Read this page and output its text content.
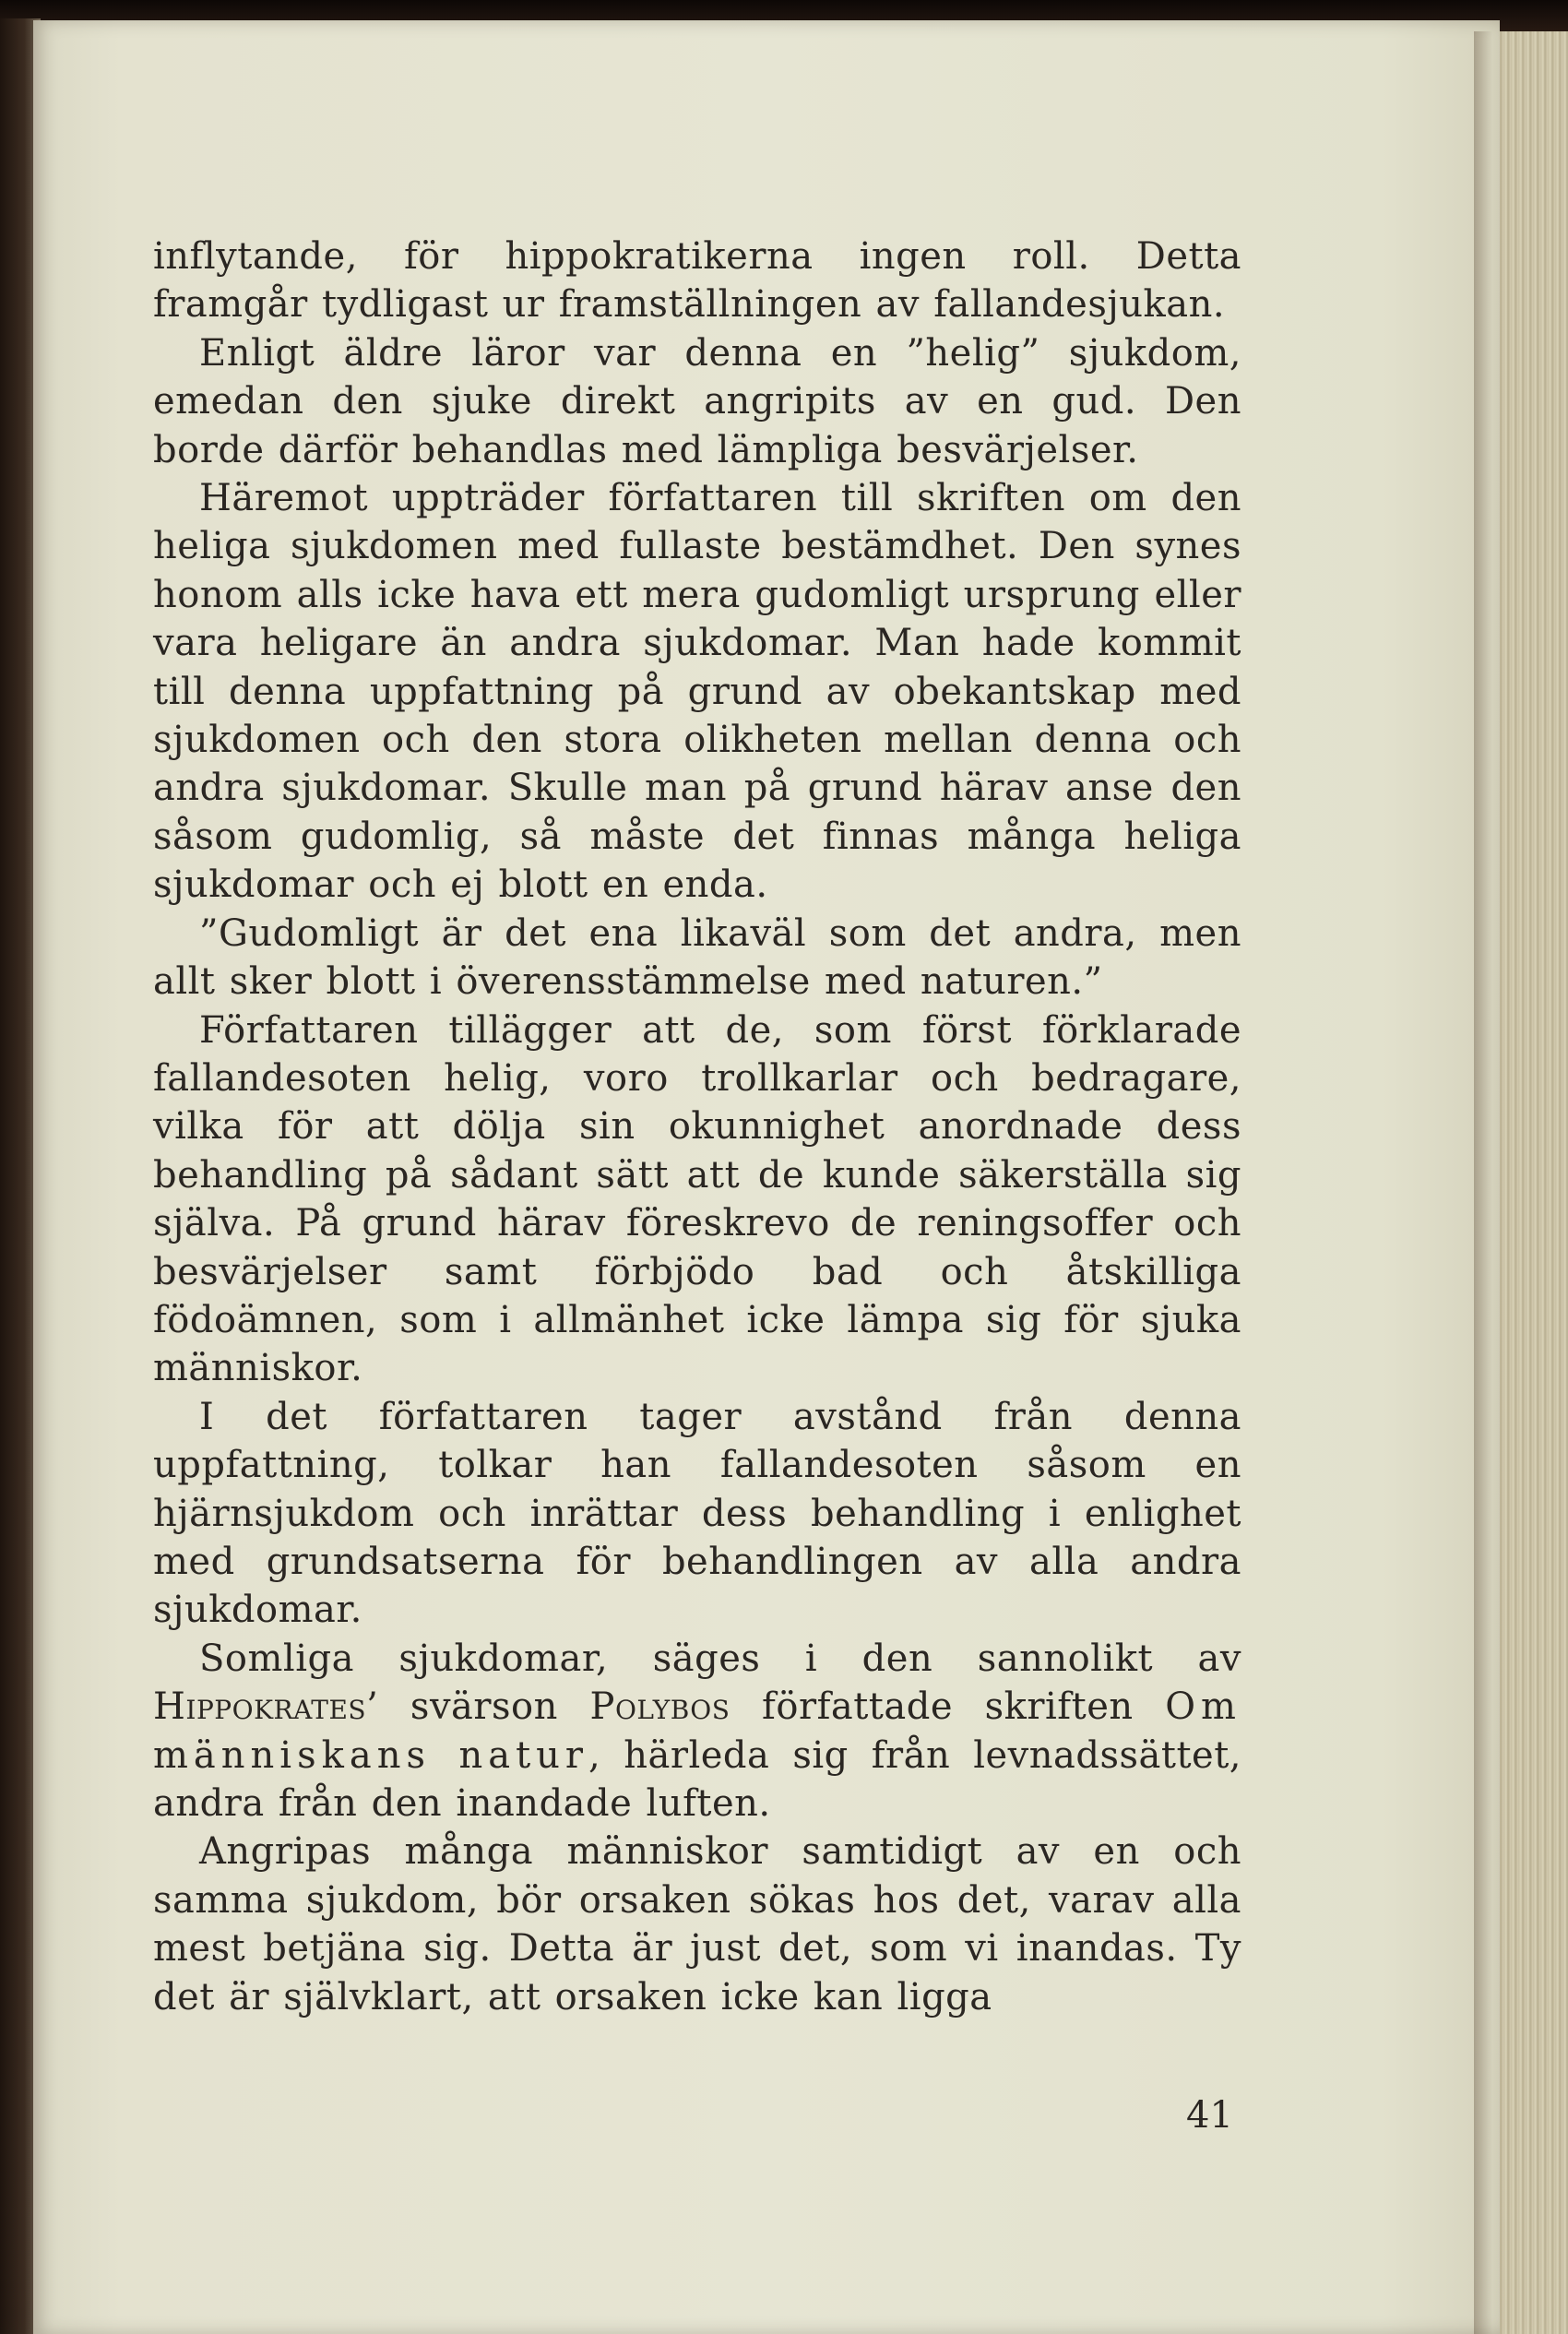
inflytande, för hippokratikerna ingen roll. Detta framgår tydligast ur framställningen av fallandesjukan.

Enligt äldre läror var denna en ”helig” sjukdom, emedan den sjuke direkt angripits av en gud. Den borde därför behandlas med lämpliga besvärjelser.

Häremot uppträder författaren till skriften om den heliga sjukdomen med fullaste bestämdhet. Den synes honom alls icke hava ett mera gudomligt ursprung eller vara heligare än andra sjukdomar. Man hade kommit till denna uppfattning på grund av obekantskap med sjukdomen och den stora olikheten mellan denna och andra sjukdomar. Skulle man på grund härav anse den såsom gudomlig, så måste det finnas många heliga sjukdomar och ej blott en enda.

”Gudomligt är det ena likaväl som det andra, men allt sker blott i överensstämmelse med naturen.”

Författaren tillägger att de, som först förklarade fallandesoten helig, voro trollkarlar och bedragare, vilka för att dölja sin okunnighet anordnade dess behandling på sådant sätt att de kunde säkerställa sig själva. På grund härav föreskrevo de reningsoffer och besvärjelser samt förbjödo bad och åtskilliga födoämnen, som i allmänhet icke lämpa sig för sjuka människor.

I det författaren tager avstånd från denna uppfattning, tolkar han fallandesoten såsom en hjärnsjukdom och inrättar dess behandling i enlighet med grundsatserna för behandlingen av alla andra sjukdomar.

Somliga sjukdomar, säges i den sannolikt av Hippokrates’ svärson Polybos författade skriften Om människans natur, härleda sig från levnadssättet, andra från den inandade luften.

Angripas många människor samtidigt av en och samma sjukdom, bör orsaken sökas hos det, varav alla mest betjäna sig. Detta är just det, som vi inandas. Ty det är självklart, att orsaken icke kan ligga

41
